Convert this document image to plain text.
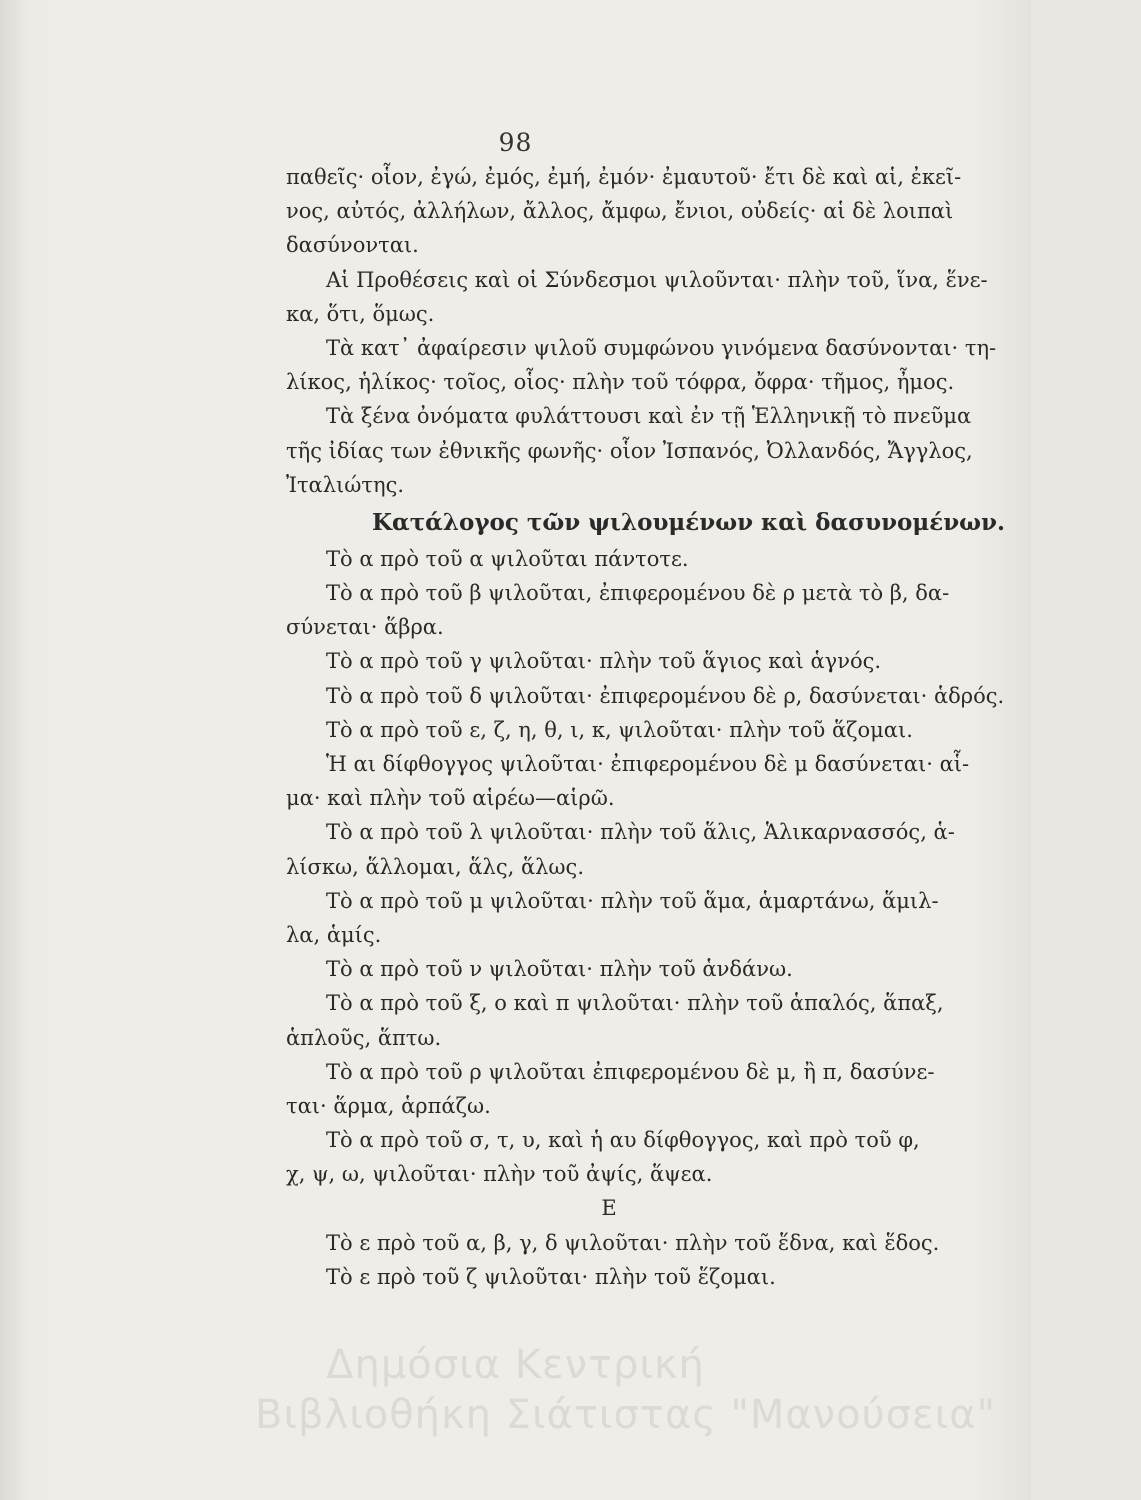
98
παθεῖς· οἷον, ἐγώ, ἐμός, ἐμή, ἐμόν· ἐμαυτοῦ· ἔτι δὲ καὶ αἱ, ἐκεῖ-
νος, αὐτός, ἀλλήλων, ἄλλος, ἄμφω, ἔνιοι, οὐδείς· αἱ δὲ λοιπαὶ
δασύνονται.
Αἱ Προθέσεις καὶ οἱ Σύνδεσμοι ψιλοῦνται· πλὴν τοῦ, ἵνα, ἕνε-
κα, ὅτι, ὅμως.
Τὰ κατ᾽ ἀφαίρεσιν ψιλοῦ συμφώνου γινόμενα δασύνονται· τη-
λίκος, ἡλίκος· τοῖος, οἷος· πλὴν τοῦ τόφρα, ὄφρα· τῆμος, ἦμος.
Τὰ ξένα ὀνόματα φυλάττουσι καὶ ἐν τῇ Ἑλληνικῇ τὸ πνεῦμα
τῆς ἰδίας των ἐθνικῆς φωνῆς· οἷον Ἰσπανός, Ὀλλανδός, Ἄγγλος,
Ἰταλιώτης.
Κατάλογος τῶν ψιλουμένων καὶ δασυνομένων.
Τὸ α πρὸ τοῦ α ψιλοῦται πάντοτε.
Τὸ α πρὸ τοῦ β ψιλοῦται, ἐπιφερομένου δὲ ρ μετὰ τὸ β, δα-
σύνεται· ἅβρα.
Τὸ α πρὸ τοῦ γ ψιλοῦται· πλὴν τοῦ ἅγιος καὶ ἁγνός.
Τὸ α πρὸ τοῦ δ ψιλοῦται· ἐπιφερομένου δὲ ρ, δασύνεται· ἁδρός.
Τὸ α πρὸ τοῦ ε, ζ, η, θ, ι, κ, ψιλοῦται· πλὴν τοῦ ἅζομαι.
Ἡ αι δίφθογγος ψιλοῦται· ἐπιφερομένου δὲ μ δασύνεται· αἷ-
μα· καὶ πλὴν τοῦ αἱρέω—αἱρῶ.
Τὸ α πρὸ τοῦ λ ψιλοῦται· πλὴν τοῦ ἅλις, Ἁλικαρνασσός, ἁ-
λίσκω, ἅλλομαι, ἅλς, ἅλως.
Τὸ α πρὸ τοῦ μ ψιλοῦται· πλὴν τοῦ ἅμα, ἁμαρτάνω, ἅμιλ-
λα, ἁμίς.
Τὸ α πρὸ τοῦ ν ψιλοῦται· πλὴν τοῦ ἁνδάνω.
Τὸ α πρὸ τοῦ ξ, ο καὶ π ψιλοῦται· πλὴν τοῦ ἁπαλός, ἅπαξ,
ἁπλοῦς, ἅπτω.
Τὸ α πρὸ τοῦ ρ ψιλοῦται ἐπιφερομένου δὲ μ, ἢ π, δασύνε-
ται· ἅρμα, ἁρπάζω.
Τὸ α πρὸ τοῦ σ, τ, υ, καὶ ἡ αυ δίφθογγος, καὶ πρὸ τοῦ φ,
χ, ψ, ω, ψιλοῦται· πλὴν τοῦ ἀψίς, ἅψεα.
Ε
Τὸ ε πρὸ τοῦ α, β, γ, δ ψιλοῦται· πλὴν τοῦ ἕδνα, καὶ ἕδος.
Τὸ ε πρὸ τοῦ ζ ψιλοῦται· πλὴν τοῦ ἕζομαι.
Δημόσια Κεντρική
Βιβλιοθήκη Σιάτιστας "Μανούσεια"
